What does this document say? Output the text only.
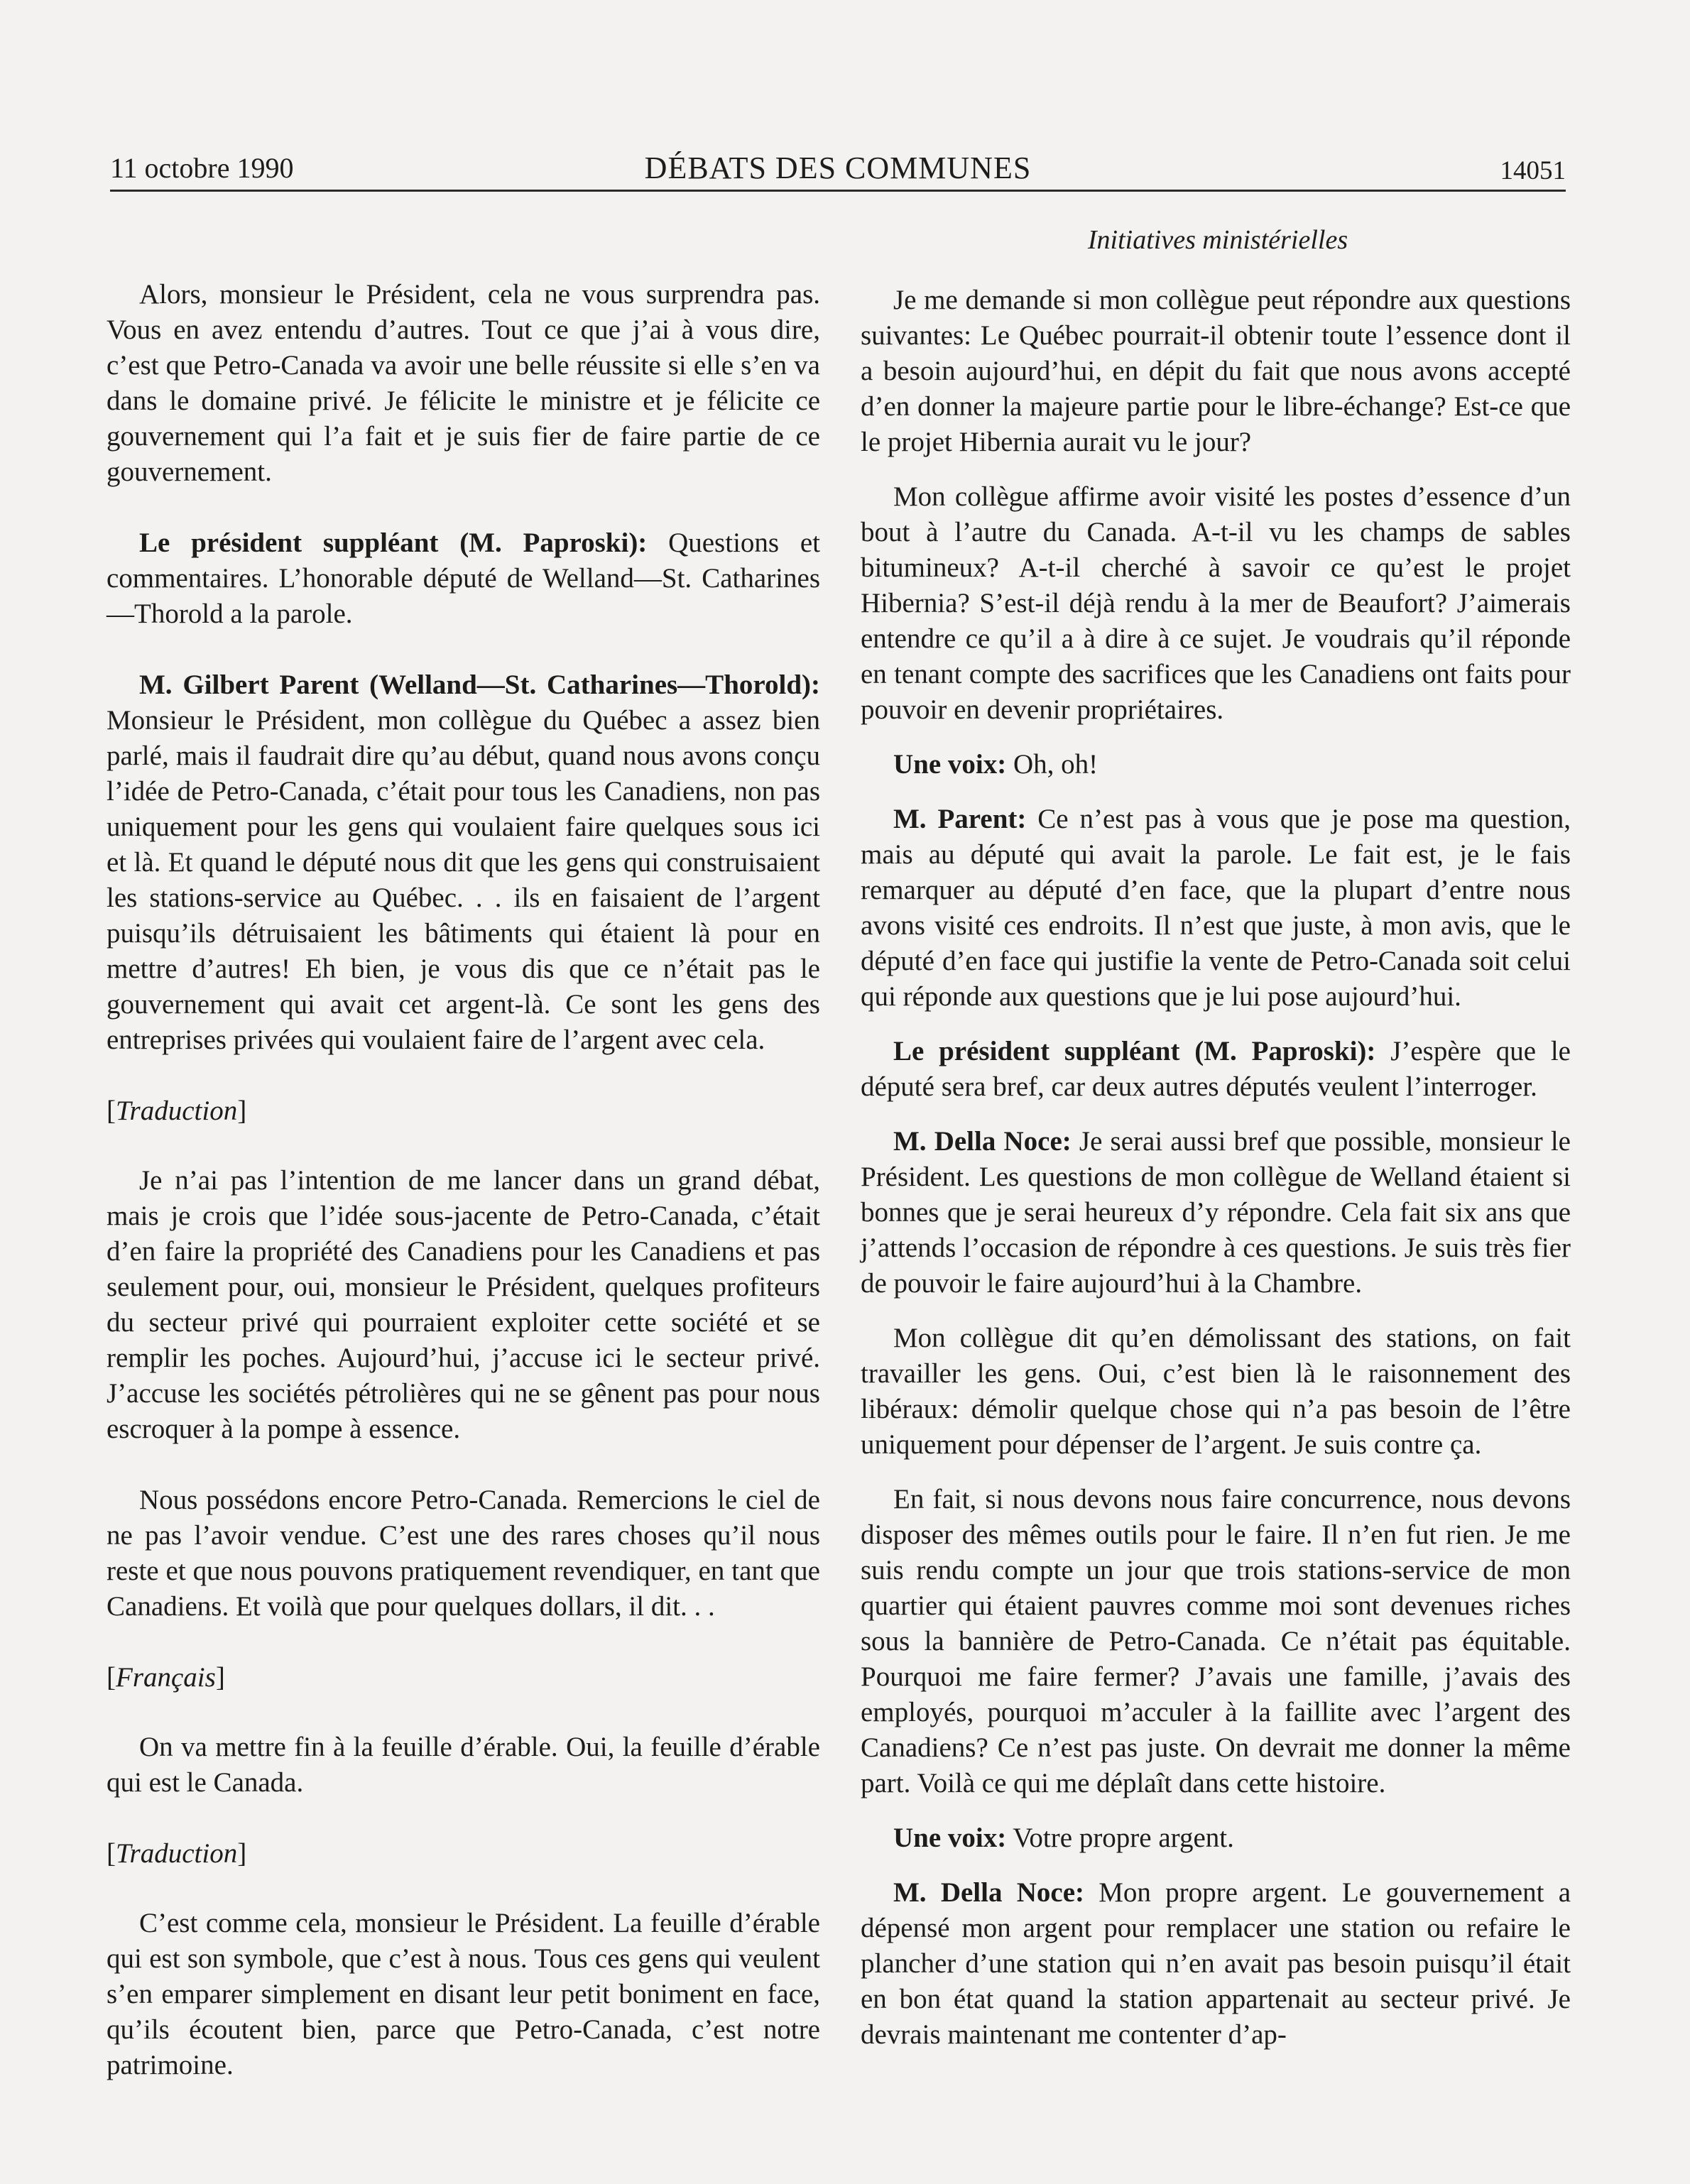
11 octobre 1990	DÉBATS DES COMMUNES	14051
Initiatives ministérielles

Alors, monsieur le Président, cela ne vous surprendra pas. Vous en avez entendu d’autres. Tout ce que j’ai à vous dire, c’est que Petro-Canada va avoir une belle réussite si elle s’en va dans le domaine privé. Je félicite le ministre et je félicite ce gouvernement qui l’a fait et je suis fier de faire partie de ce gouvernement.

Le président suppléant (M. Paproski): Questions et commentaires. L’honorable député de Welland—St. Catharines—Thorold a la parole.

M. Gilbert Parent (Welland—St. Catharines—Thorold): Monsieur le Président, mon collègue du Québec a assez bien parlé, mais il faudrait dire qu’au début, quand nous avons conçu l’idée de Petro-Canada, c’était pour tous les Canadiens, non pas uniquement pour les gens qui voulaient faire quelques sous ici et là. Et quand le député nous dit que les gens qui construisaient les stations-service au Québec. . . ils en faisaient de l’argent puisqu’ils détruisaient les bâtiments qui étaient là pour en mettre d’autres! Eh bien, je vous dis que ce n’était pas le gouvernement qui avait cet argent-là. Ce sont les gens des entreprises privées qui voulaient faire de l’argent avec cela.

[Traduction]

Je n’ai pas l’intention de me lancer dans un grand débat, mais je crois que l’idée sous-jacente de Petro-Canada, c’était d’en faire la propriété des Canadiens pour les Canadiens et pas seulement pour, oui, monsieur le Président, quelques profiteurs du secteur privé qui pourraient exploiter cette société et se remplir les poches. Aujourd’hui, j’accuse ici le secteur privé. J’accuse les sociétés pétrolières qui ne se gênent pas pour nous escroquer à la pompe à essence.

Nous possédons encore Petro-Canada. Remercions le ciel de ne pas l’avoir vendue. C’est une des rares choses qu’il nous reste et que nous pouvons pratiquement revendiquer, en tant que Canadiens. Et voilà que pour quelques dollars, il dit. . .

[Français]

On va mettre fin à la feuille d’érable. Oui, la feuille d’érable qui est le Canada.

[Traduction]

C’est comme cela, monsieur le Président. La feuille d’érable qui est son symbole, que c’est à nous. Tous ces gens qui veulent s’en emparer simplement en disant leur petit boniment en face, qu’ils écoutent bien, parce que Petro-Canada, c’est notre patrimoine.

Je me demande si mon collègue peut répondre aux questions suivantes: Le Québec pourrait-il obtenir toute l’essence dont il a besoin aujourd’hui, en dépit du fait que nous avons accepté d’en donner la majeure partie pour le libre-échange? Est-ce que le projet Hibernia aurait vu le jour?

Mon collègue affirme avoir visité les postes d’essence d’un bout à l’autre du Canada. A-t-il vu les champs de sables bitumineux? A-t-il cherché à savoir ce qu’est le projet Hibernia? S’est-il déjà rendu à la mer de Beaufort? J’aimerais entendre ce qu’il a à dire à ce sujet. Je voudrais qu’il réponde en tenant compte des sacrifices que les Canadiens ont faits pour pouvoir en devenir propriétaires.

Une voix: Oh, oh!

M. Parent: Ce n’est pas à vous que je pose ma question, mais au député qui avait la parole. Le fait est, je le fais remarquer au député d’en face, que la plupart d’entre nous avons visité ces endroits. Il n’est que juste, à mon avis, que le député d’en face qui justifie la vente de Petro-Canada soit celui qui réponde aux questions que je lui pose aujourd’hui.

Le président suppléant (M. Paproski): J’espère que le député sera bref, car deux autres députés veulent l’interroger.

M. Della Noce: Je serai aussi bref que possible, monsieur le Président. Les questions de mon collègue de Welland étaient si bonnes que je serai heureux d’y répondre. Cela fait six ans que j’attends l’occasion de répondre à ces questions. Je suis très fier de pouvoir le faire aujourd’hui à la Chambre.

Mon collègue dit qu’en démolissant des stations, on fait travailler les gens. Oui, c’est bien là le raisonnement des libéraux: démolir quelque chose qui n’a pas besoin de l’être uniquement pour dépenser de l’argent. Je suis contre ça.

En fait, si nous devons nous faire concurrence, nous devons disposer des mêmes outils pour le faire. Il n’en fut rien. Je me suis rendu compte un jour que trois stations-service de mon quartier qui étaient pauvres comme moi sont devenues riches sous la bannière de Petro-Canada. Ce n’était pas équitable. Pourquoi me faire fermer? J’avais une famille, j’avais des employés, pourquoi m’acculer à la faillite avec l’argent des Canadiens? Ce n’est pas juste. On devrait me donner la même part. Voilà ce qui me déplaît dans cette histoire.

Une voix: Votre propre argent.

M. Della Noce: Mon propre argent. Le gouvernement a dépensé mon argent pour remplacer une station ou refaire le plancher d’une station qui n’en avait pas besoin puisqu’il était en bon état quand la station appartenait au secteur privé. Je devrais maintenant me contenter d’ap-
